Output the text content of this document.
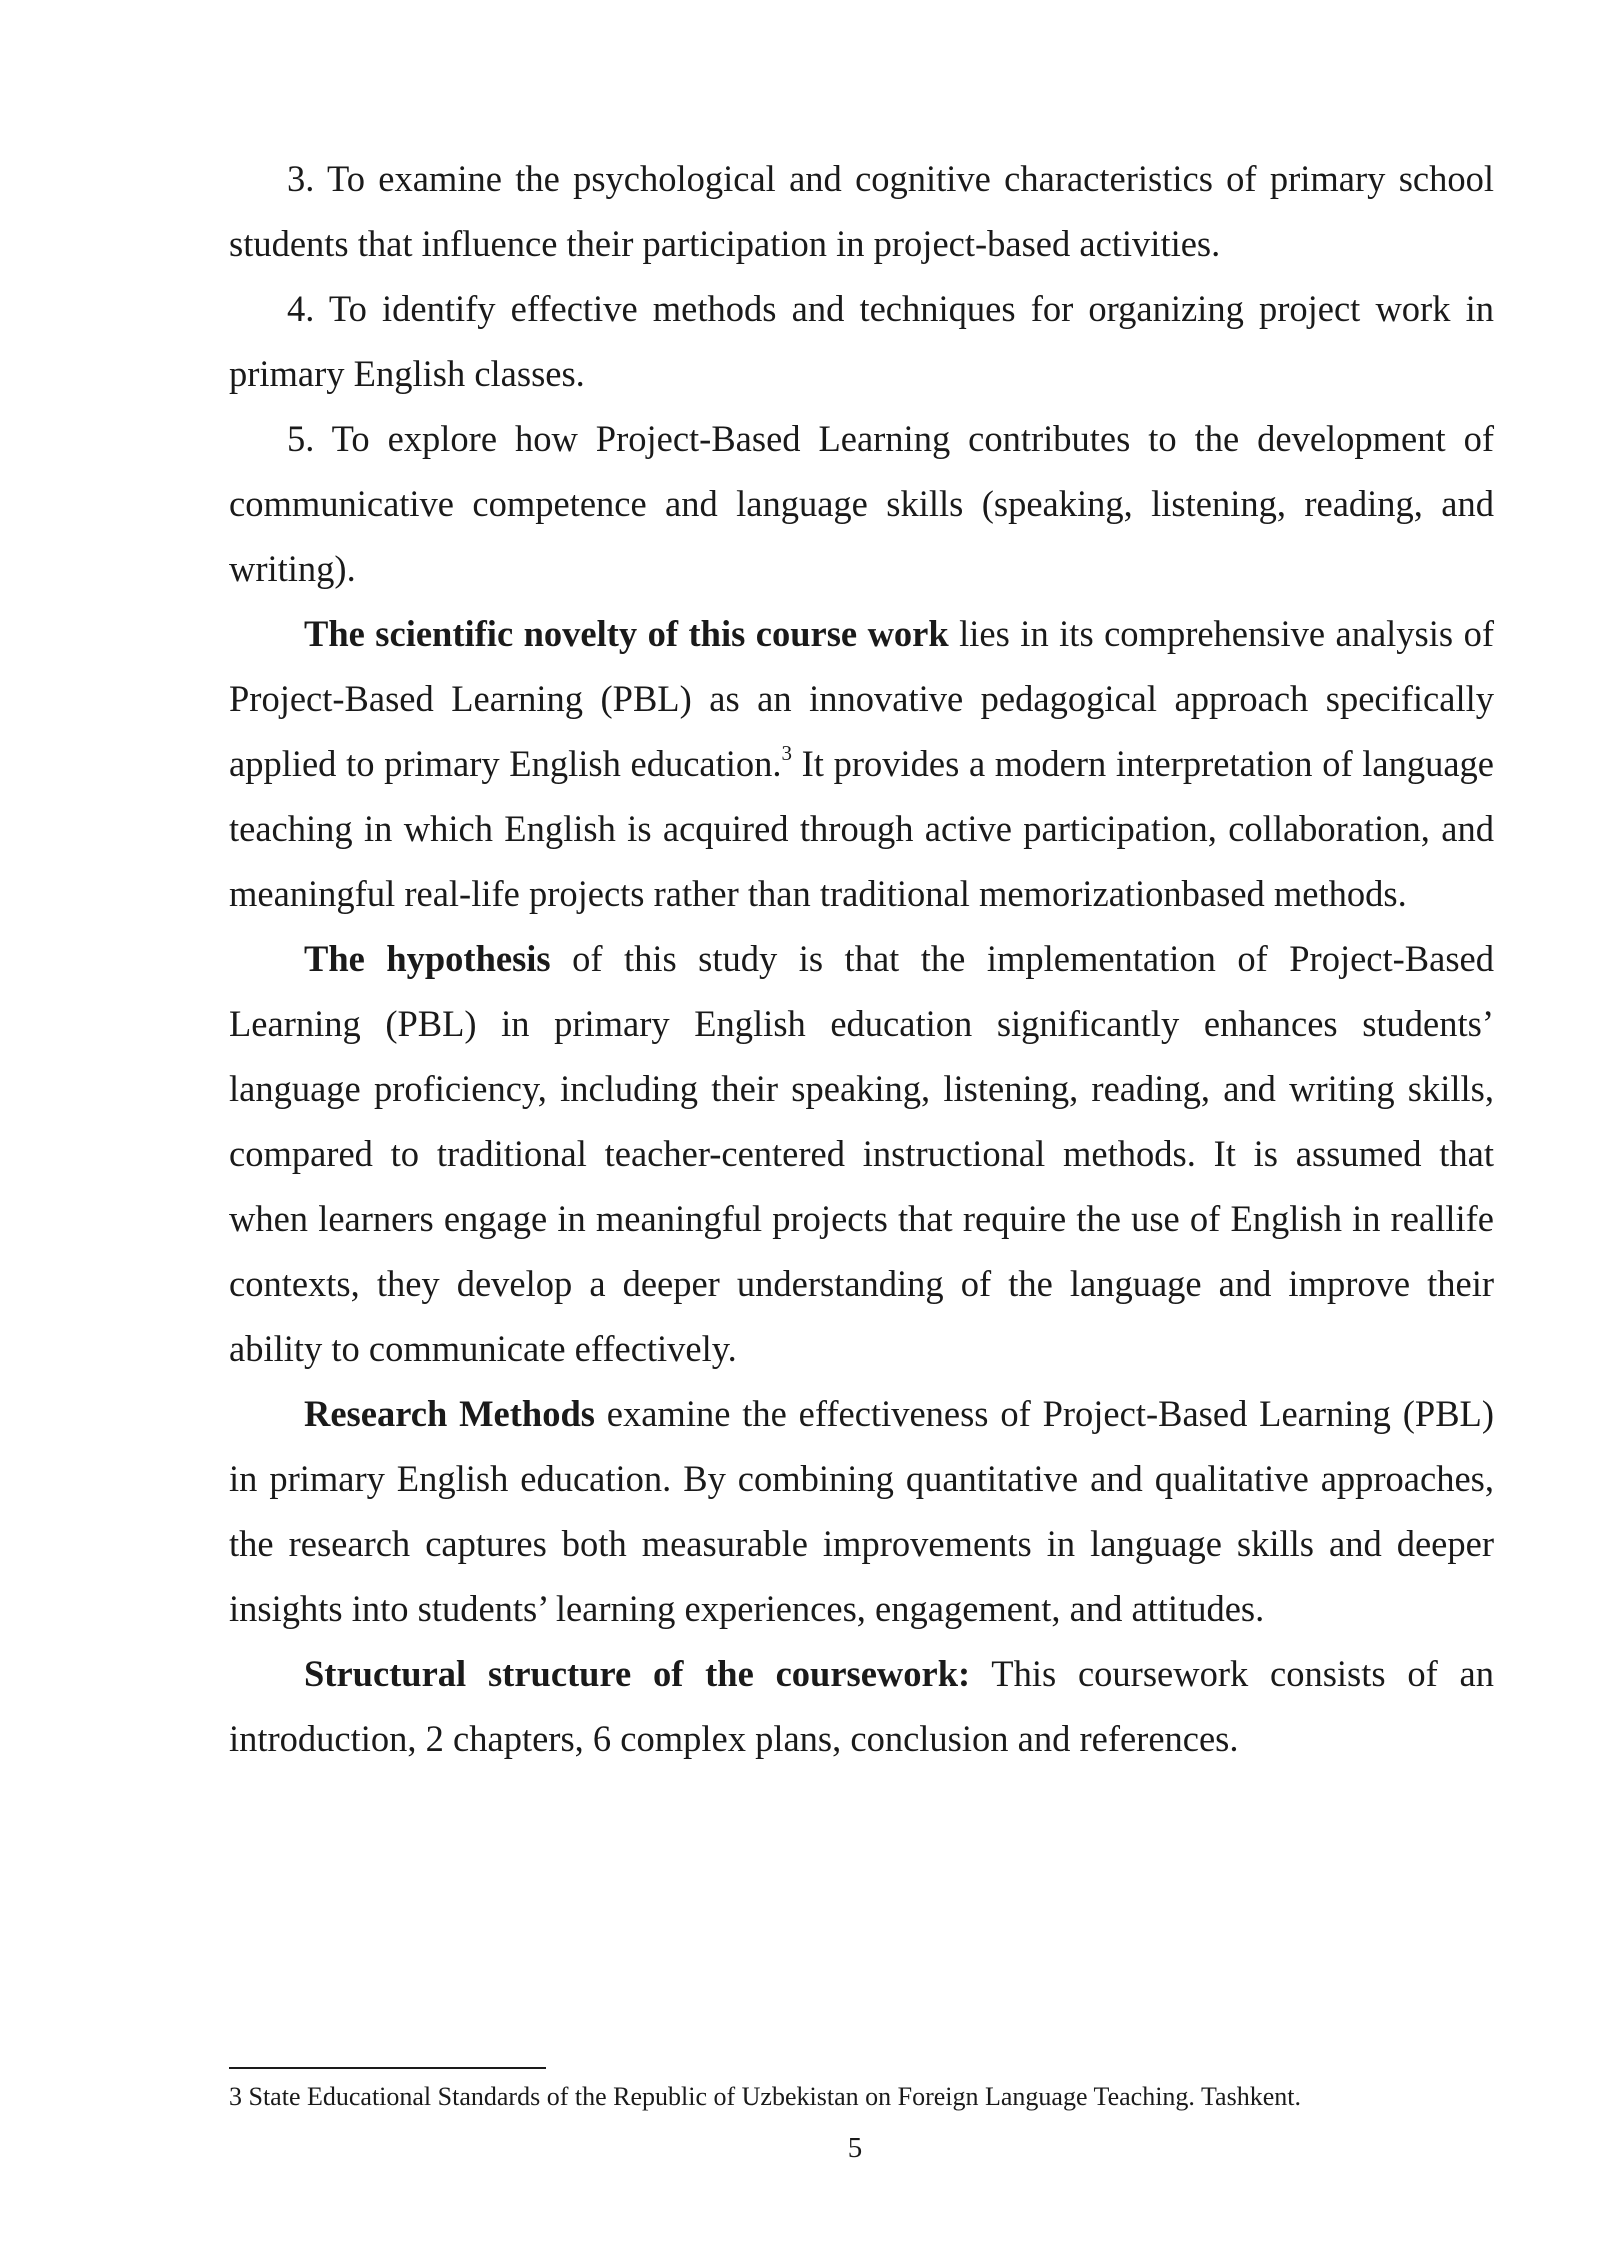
3. To examine the psychological and cognitive characteristics of primary school students that influence their participation in project-based activities.

4. To identify effective methods and techniques for organizing project work in primary English classes.

5. To explore how Project-Based Learning contributes to the development of communicative competence and language skills (speaking, listening, reading, and writing).

The scientific novelty of this course work lies in its comprehensive analysis of Project-Based Learning (PBL) as an innovative pedagogical approach specifically applied to primary English education.$^3$ It provides a modern interpretation of language teaching in which English is acquired through active participation, collaboration, and meaningful real-life projects rather than traditional memorizationbased methods.

The hypothesis of this study is that the implementation of Project-Based Learning (PBL) in primary English education significantly enhances students’ language proficiency, including their speaking, listening, reading, and writing skills, compared to traditional teacher-centered instructional methods. It is assumed that when learners engage in meaningful projects that require the use of English in reallife contexts, they develop a deeper understanding of the language and improve their ability to communicate effectively.

Research Methods examine the effectiveness of Project-Based Learning (PBL) in primary English education. By combining quantitative and qualitative approaches, the research captures both measurable improvements in language skills and deeper insights into students’ learning experiences, engagement, and attitudes.

Structural structure of the coursework: This coursework consists of an introduction, 2 chapters, 6 complex plans, conclusion and references.

3 State Educational Standards of the Republic of Uzbekistan on Foreign Language Teaching. Tashkent.
5
